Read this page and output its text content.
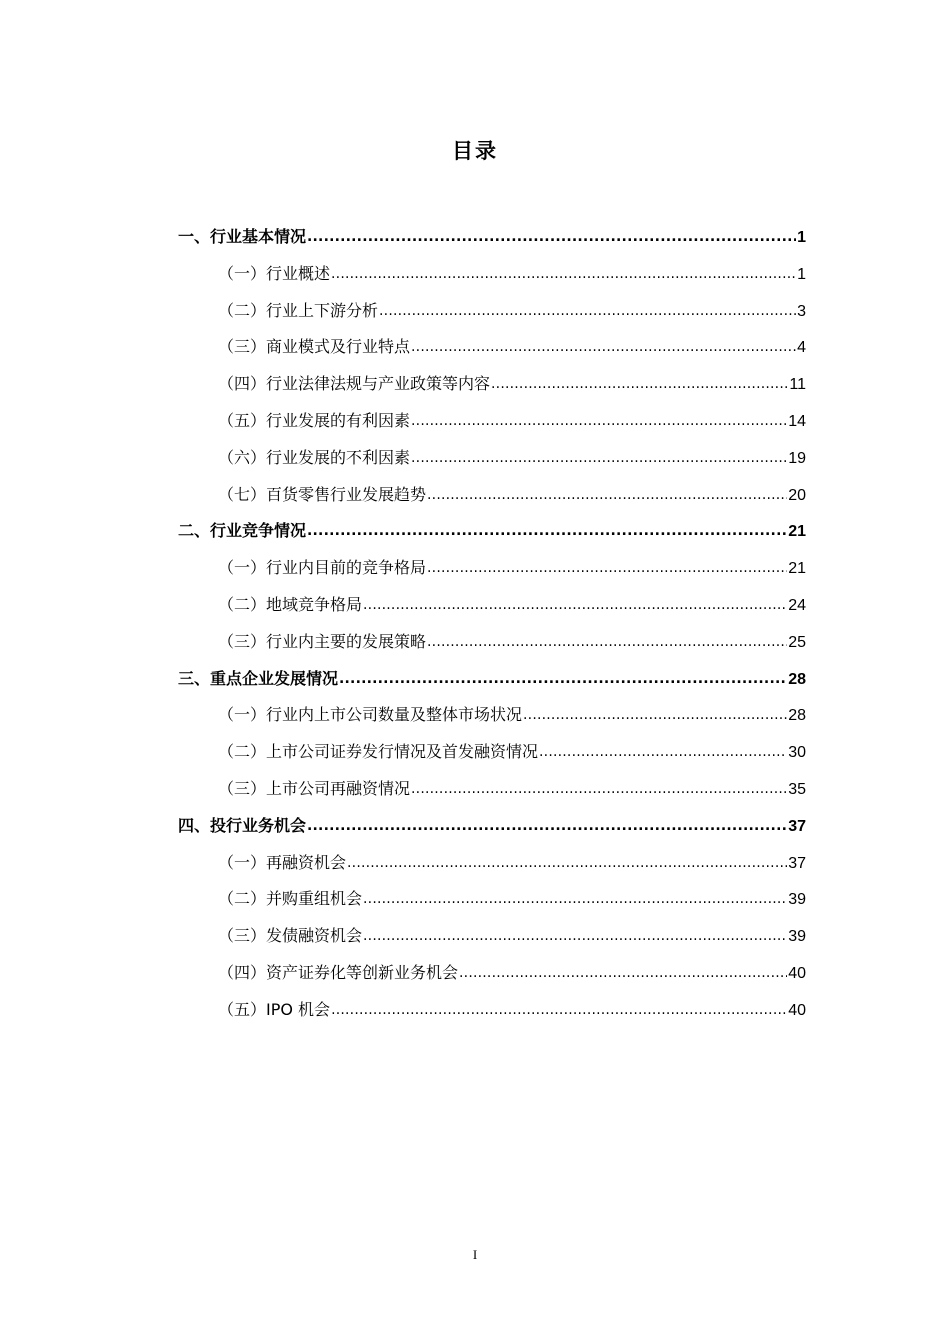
目录
一、行业基本情况 .....	1
（一）行业概述 .....	1
（二）行业上下游分析 .....	3
（三）商业模式及行业特点 .....	4
（四）行业法律法规与产业政策等内容 .....	11
（五）行业发展的有利因素 .....	14
（六）行业发展的不利因素 .....	19
（七）百货零售行业发展趋势 .....	20
二、行业竞争情况 .....	21
（一）行业内目前的竞争格局 .....	21
（二）地域竞争格局 .....	24
（三）行业内主要的发展策略 .....	25
三、重点企业发展情况 .....	28
（一）行业内上市公司数量及整体市场状况 .....	28
（二）上市公司证券发行情况及首发融资情况 .....	30
（三）上市公司再融资情况 .....	35
四、投行业务机会 .....	37
（一）再融资机会 .....	37
（二）并购重组机会 .....	39
（三）发债融资机会 .....	39
（四）资产证券化等创新业务机会 .....	40
（五）IPO 机会 .....	40
I
